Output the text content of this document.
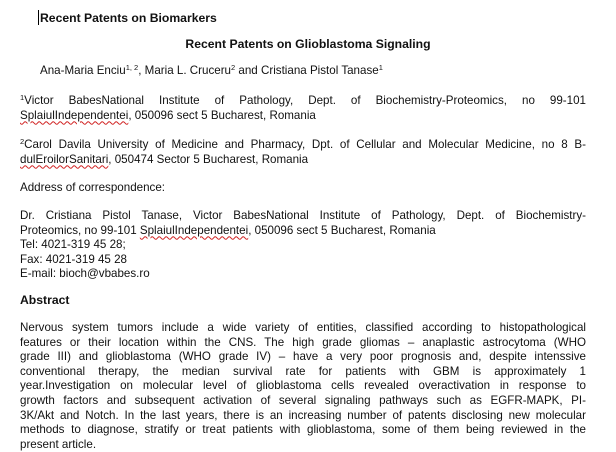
Recent Patents on Biomarkers
Recent Patents on Glioblastoma Signaling
Ana-Maria Enciu$^{1, 2}$, Maria L. Cruceru$^2$ and Cristiana Pistol Tanase$^1$

$^1$Victor BabesNational Institute of Pathology, Dept. of Biochemistry-Proteomics, no 99-101

SplaiulIndependentei, 050096 sect 5 Bucharest, Romania

$^2$Carol Davila University of Medicine and Pharmacy, Dpt. of Cellular and Molecular Medicine, no 8 B-

dulEroilorSanitari, 050474 Sector 5 Bucharest, Romania

Address of correspondence:

Dr. Cristiana Pistol Tanase, Victor BabesNational Institute of Pathology, Dept. of Biochemistry-

Proteomics, no 99-101 SplaiulIndependentei, 050096 sect 5 Bucharest, Romania

Tel: 4021-319 45 28;

Fax: 4021-319 45 28

E-mail: bioch@vbabes.ro

Abstract

Nervous system tumors include a wide variety of entities, classified according to histopathological

features or their location within the CNS. The high grade gliomas – anaplastic astrocytoma (WHO

grade III) and glioblastoma (WHO grade IV) – have a very poor prognosis and, despite intenssive

conventional therapy, the median survival rate for patients with GBM is approximately 1

year.Investigation on molecular level of glioblastoma cells revealed overactivation in response to

growth factors and subsequent activation of several signaling pathways such as EGFR-MAPK, PI-

3K/Akt and Notch. In the last years, there is an increasing number of patents disclosing new molecular

methods to diagnose, stratify or treat patients with glioblastoma, some of them being reviewed in the

present article.
